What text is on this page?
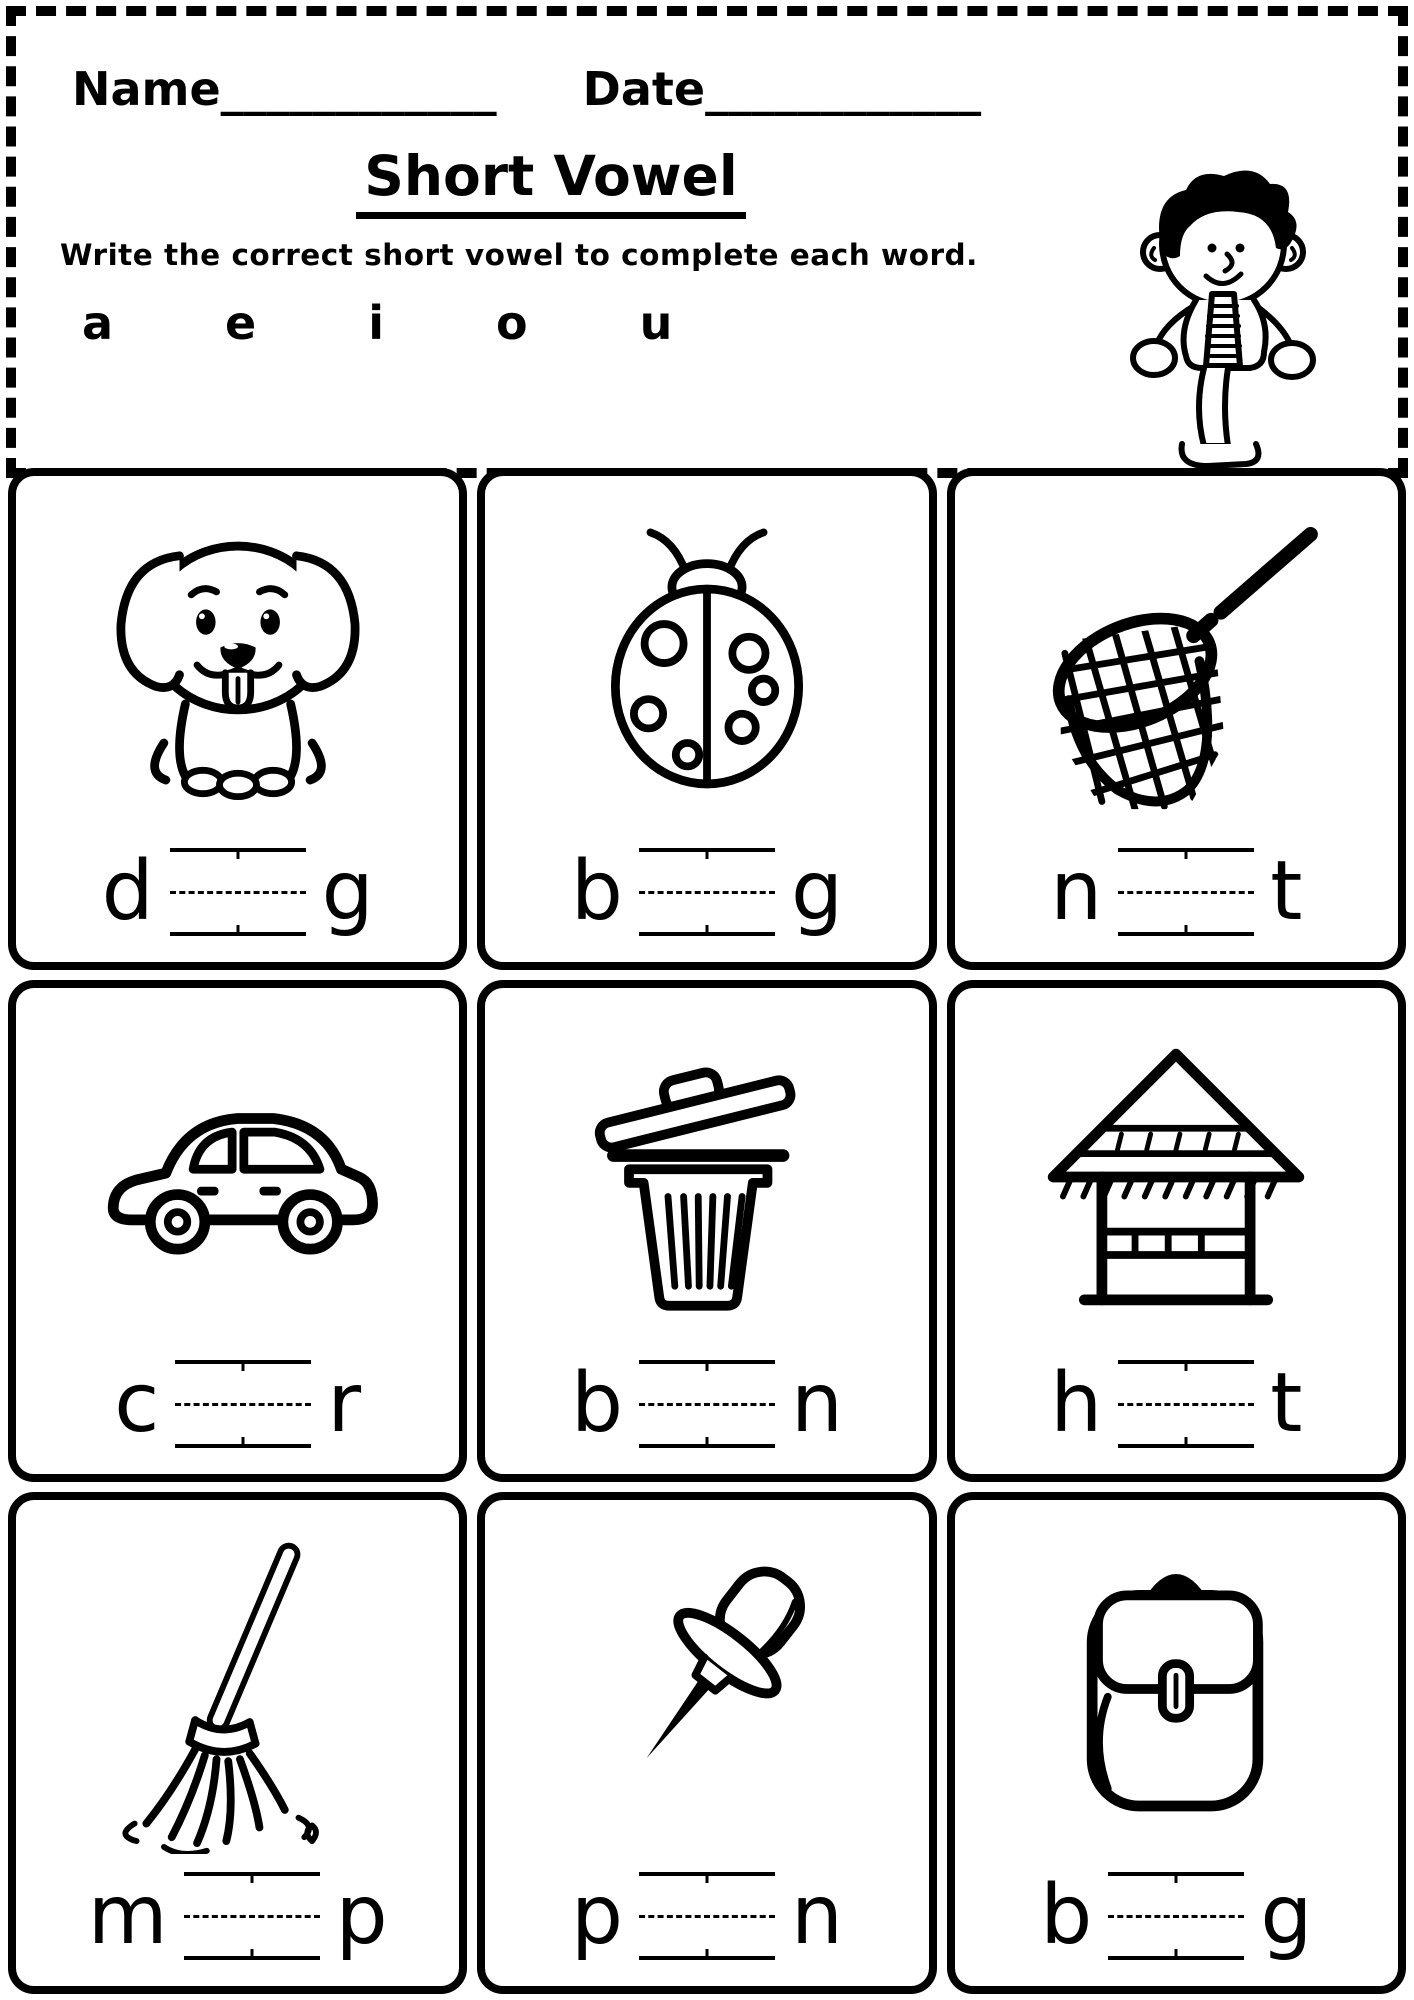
Name____________ Date____________
Short Vowel
Write the correct short vowel to complete each word.
a e i o u
d g b g	n t
c r	b n	h t
m p p n b g
